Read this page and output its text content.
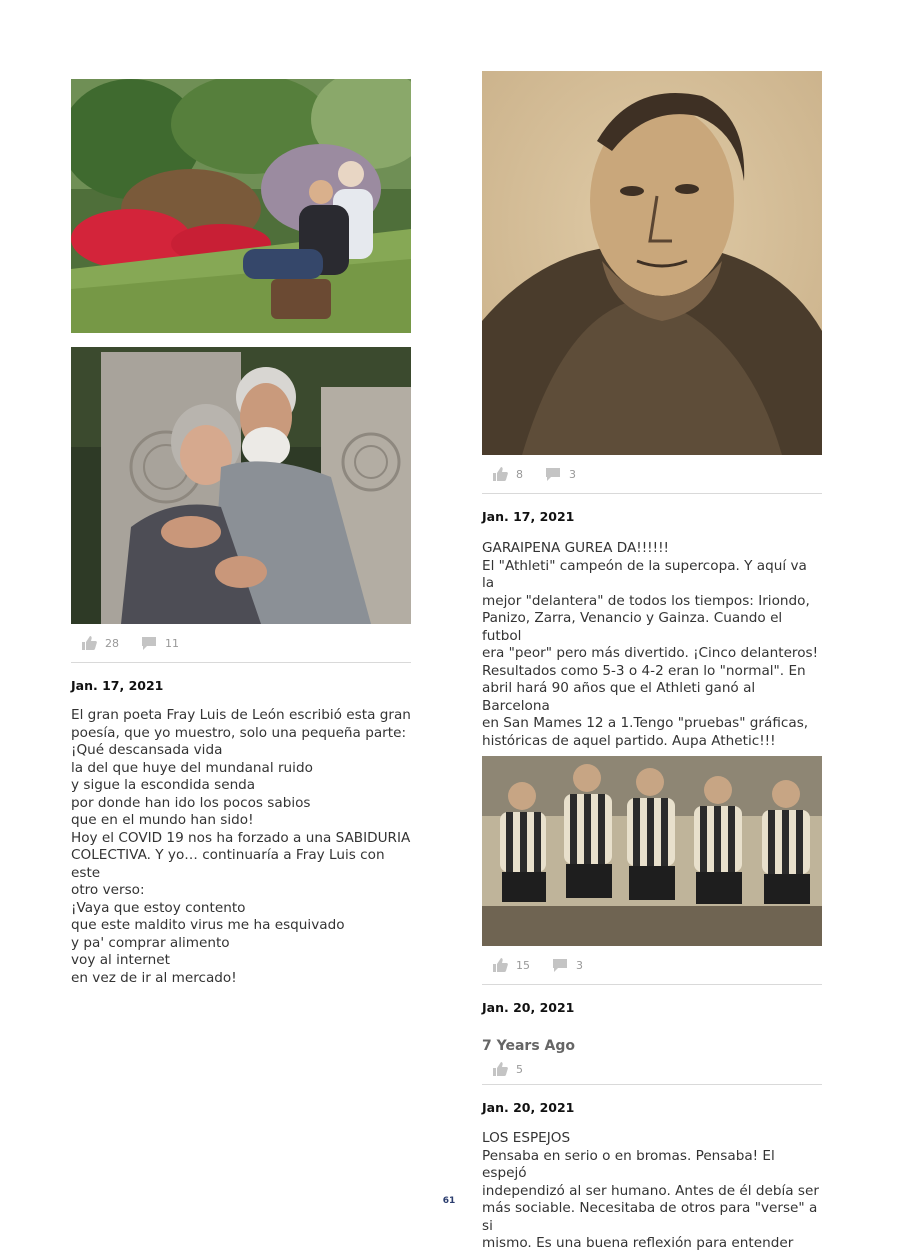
28	11
Jan. 17, 2021
El gran poeta Fray Luis de León escribió esta gran
poesía, que yo muestro, solo una pequeña parte:
¡Qué descansada vida
la del que huye del mundanal ruido
y sigue la escondida senda
por donde han ido los pocos sabios
que en el mundo han sido!
Hoy el COVID 19 nos ha forzado a una SABIDURIA
COLECTIVA. Y yo… continuaría a Fray Luis con este
otro verso:
¡Vaya que estoy contento
que este maldito virus me ha esquivado
y pa' comprar alimento
voy al internet
en vez de ir al mercado!
8	3
Jan. 17, 2021
GARAIPENA GUREA DA!!!!!!
El "Athleti" campeón de la supercopa. Y aquí va la
mejor "delantera" de todos los tiempos: Iriondo,
Panizo, Zarra, Venancio y Gainza. Cuando el futbol
era "peor" pero más divertido. ¡Cinco delanteros!
Resultados como 5-3 o 4-2 eran lo "normal". En
abril hará 90 años que el Athleti ganó al Barcelona
en San Mames 12 a 1.Tengo "pruebas" gráficas,
históricas de aquel partido. Aupa Athetic!!!
15	3
Jan. 20, 2021
7 Years Ago
5
Jan. 20, 2021
LOS ESPEJOS
Pensaba en serio o en bromas. Pensaba! El espejó
independizó al ser humano. Antes de él debía ser
más sociable. Necesitaba de otros para "verse" a si
mismo. Es una buena reflexión para entender
61
